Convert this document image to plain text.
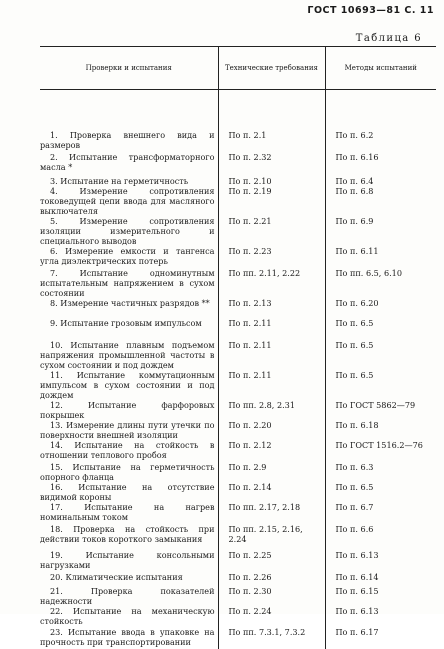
ГОСТ 10693—81 С. 11
Таблица 6
Проверки и испытания	Технические требования	Методы испытаний
1. Проверка внешнего вида и размеров	По п. 2.1	По п. 6.2
2. Испытание трансформаторного масла *	По п. 2.32	По п. 6.16
3. Испытание на герметичность	По п. 2.10	По п. 6.4
4. Измерение сопротивления токоведущей цепи ввода для масляного выключателя	По п. 2.19	По п. 6.8
5. Измерение сопротивления изоляции измерительного и специального выводов	По п. 2.21	По п. 6.9
6. Измерение емкости и тангенса угла диэлектрических потерь	По п. 2.23	По п. 6.11
7. Испытание одноминутным испытательным напряжением в сухом состоянии	По пп. 2.11, 2.22	По пп. 6.5, 6.10
8. Измерение частичных разрядов **	По п. 2.13	По п. 6.20
9. Испытание грозовым импульсом	По п. 2.11	По п. 6.5
10. Испытание плавным подъемом напряжения промышленной частоты в сухом состоянии и под дождем	По п. 2.11	По п. 6.5
11. Испытание коммутационным импульсом в сухом состоянии и под дождем	По п. 2.11	По п. 6.5
12. Испытание фарфоровых покрышек	По пп. 2.8, 2.31	По ГОСТ 5862—79
13. Измерение длины пути утечки по поверхности внешней изоляции	По п. 2.20	По п. 6.18
14. Испытание на стойкость в отношении теплового пробоя	По п. 2.12	По ГОСТ 1516.2—76
15. Испытание на герметичность опорного фланца	По п. 2.9	По п. 6.3
16. Испытание на отсутствие видимой короны	По п. 2.14	По п. 6.5
17. Испытание на нагрев номинальным током	По пп. 2.17, 2.18	По п. 6.7
18. Проверка на стойкость при действии токов короткого замыкания	По пп. 2.15, 2.16, 2.24	По п. 6.6
19. Испытание консольными нагрузками	По п. 2.25	По п. 6.13
20. Климатические испытания	По п. 2.26	По п. 6.14
21. Проверка показателей надежности	По п. 2.30	По п. 6.15
22. Испытание на механическую стойкость	По п. 2.24	По п. 6.13
23. Испытание ввода в упаковке на прочность при транспортировании	По пп. 7.3.1, 7.3.2	По п. 6.17
